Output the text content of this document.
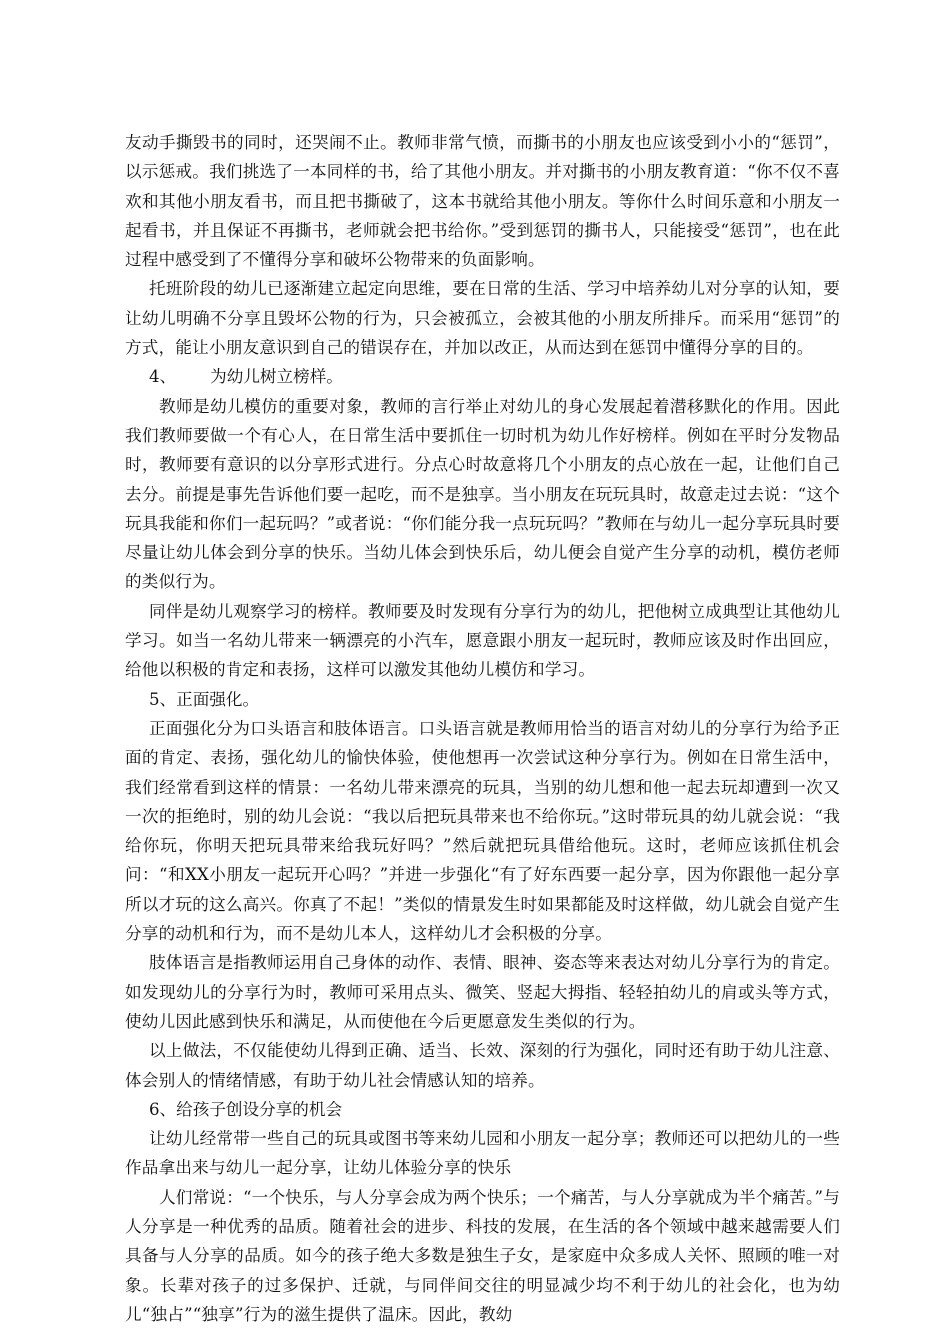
友动手撕毁书的同时，还哭闹不止。教师非常气愤，而撕书的小朋友也应该受到小小的“惩罚”，以示惩戒。我们挑选了一本同样的书，给了其他小朋友。并对撕书的小朋友教育道：“你不仅不喜欢和其他小朋友看书，而且把书撕破了，这本书就给其他小朋友。等你什么时间乐意和小朋友一起看书，并且保证不再撕书，老师就会把书给你。”受到惩罚的撕书人，只能接受“惩罚”，也在此过程中感受到了不懂得分享和破坏公物带来的负面影响。

托班阶段的幼儿已逐渐建立起定向思维，要在日常的生活、学习中培养幼儿对分享的认知，要让幼儿明确不分享且毁坏公物的行为，只会被孤立，会被其他的小朋友所排斥。而采用“惩罚”的方式，能让小朋友意识到自己的错误存在，并加以改正，从而达到在惩罚中懂得分享的目的。

4、 为幼儿树立榜样。

教师是幼儿模仿的重要对象，教师的言行举止对幼儿的身心发展起着潜移默化的作用。因此我们教师要做一个有心人，在日常生活中要抓住一切时机为幼儿作好榜样。例如在平时分发物品时，教师要有意识的以分享形式进行。分点心时故意将几个小朋友的点心放在一起，让他们自己去分。前提是事先告诉他们要一起吃，而不是独享。当小朋友在玩玩具时，故意走过去说：“这个玩具我能和你们一起玩吗？”或者说：“你们能分我一点玩玩吗？”教师在与幼儿一起分享玩具时要尽量让幼儿体会到分享的快乐。当幼儿体会到快乐后，幼儿便会自觉产生分享的动机，模仿老师的类似行为。

同伴是幼儿观察学习的榜样。教师要及时发现有分享行为的幼儿，把他树立成典型让其他幼儿学习。如当一名幼儿带来一辆漂亮的小汽车，愿意跟小朋友一起玩时，教师应该及时作出回应，给他以积极的肯定和表扬，这样可以激发其他幼儿模仿和学习。

5、正面强化。

正面强化分为口头语言和肢体语言。口头语言就是教师用恰当的语言对幼儿的分享行为给予正面的肯定、表扬，强化幼儿的愉快体验，使他想再一次尝试这种分享行为。例如在日常生活中，我们经常看到这样的情景：一名幼儿带来漂亮的玩具，当别的幼儿想和他一起去玩却遭到一次又一次的拒绝时，别的幼儿会说：“我以后把玩具带来也不给你玩。”这时带玩具的幼儿就会说：“我给你玩，你明天把玩具带来给我玩好吗？”然后就把玩具借给他玩。这时，老师应该抓住机会问：“和XX小朋友一起玩开心吗？”并进一步强化“有了好东西要一起分享，因为你跟他一起分享所以才玩的这么高兴。你真了不起！”类似的情景发生时如果都能及时这样做，幼儿就会自觉产生分享的动机和行为，而不是幼儿本人，这样幼儿才会积极的分享。

肢体语言是指教师运用自己身体的动作、表情、眼神、姿态等来表达对幼儿分享行为的肯定。如发现幼儿的分享行为时，教师可采用点头、微笑、竖起大拇指、轻轻拍幼儿的肩或头等方式，使幼儿因此感到快乐和满足，从而使他在今后更愿意发生类似的行为。

以上做法，不仅能使幼儿得到正确、适当、长效、深刻的行为强化，同时还有助于幼儿注意、体会别人的情绪情感，有助于幼儿社会情感认知的培养。

6、给孩子创设分享的机会

让幼儿经常带一些自己的玩具或图书等来幼儿园和小朋友一起分享；教师还可以把幼儿的一些作品拿出来与幼儿一起分享，让幼儿体验分享的快乐

人们常说：“一个快乐，与人分享会成为两个快乐；一个痛苦，与人分享就成为半个痛苦。”与人分享是一种优秀的品质。随着社会的进步、科技的发展，在生活的各个领域中越来越需要人们具备与人分享的品质。如今的孩子绝大多数是独生子女，是家庭中众多成人关怀、照顾的唯一对象。长辈对孩子的过多保护、迁就，与同伴间交往的明显减少均不利于幼儿的社会化，也为幼儿“独占”“独享”行为的滋生提供了温床。因此，教幼
